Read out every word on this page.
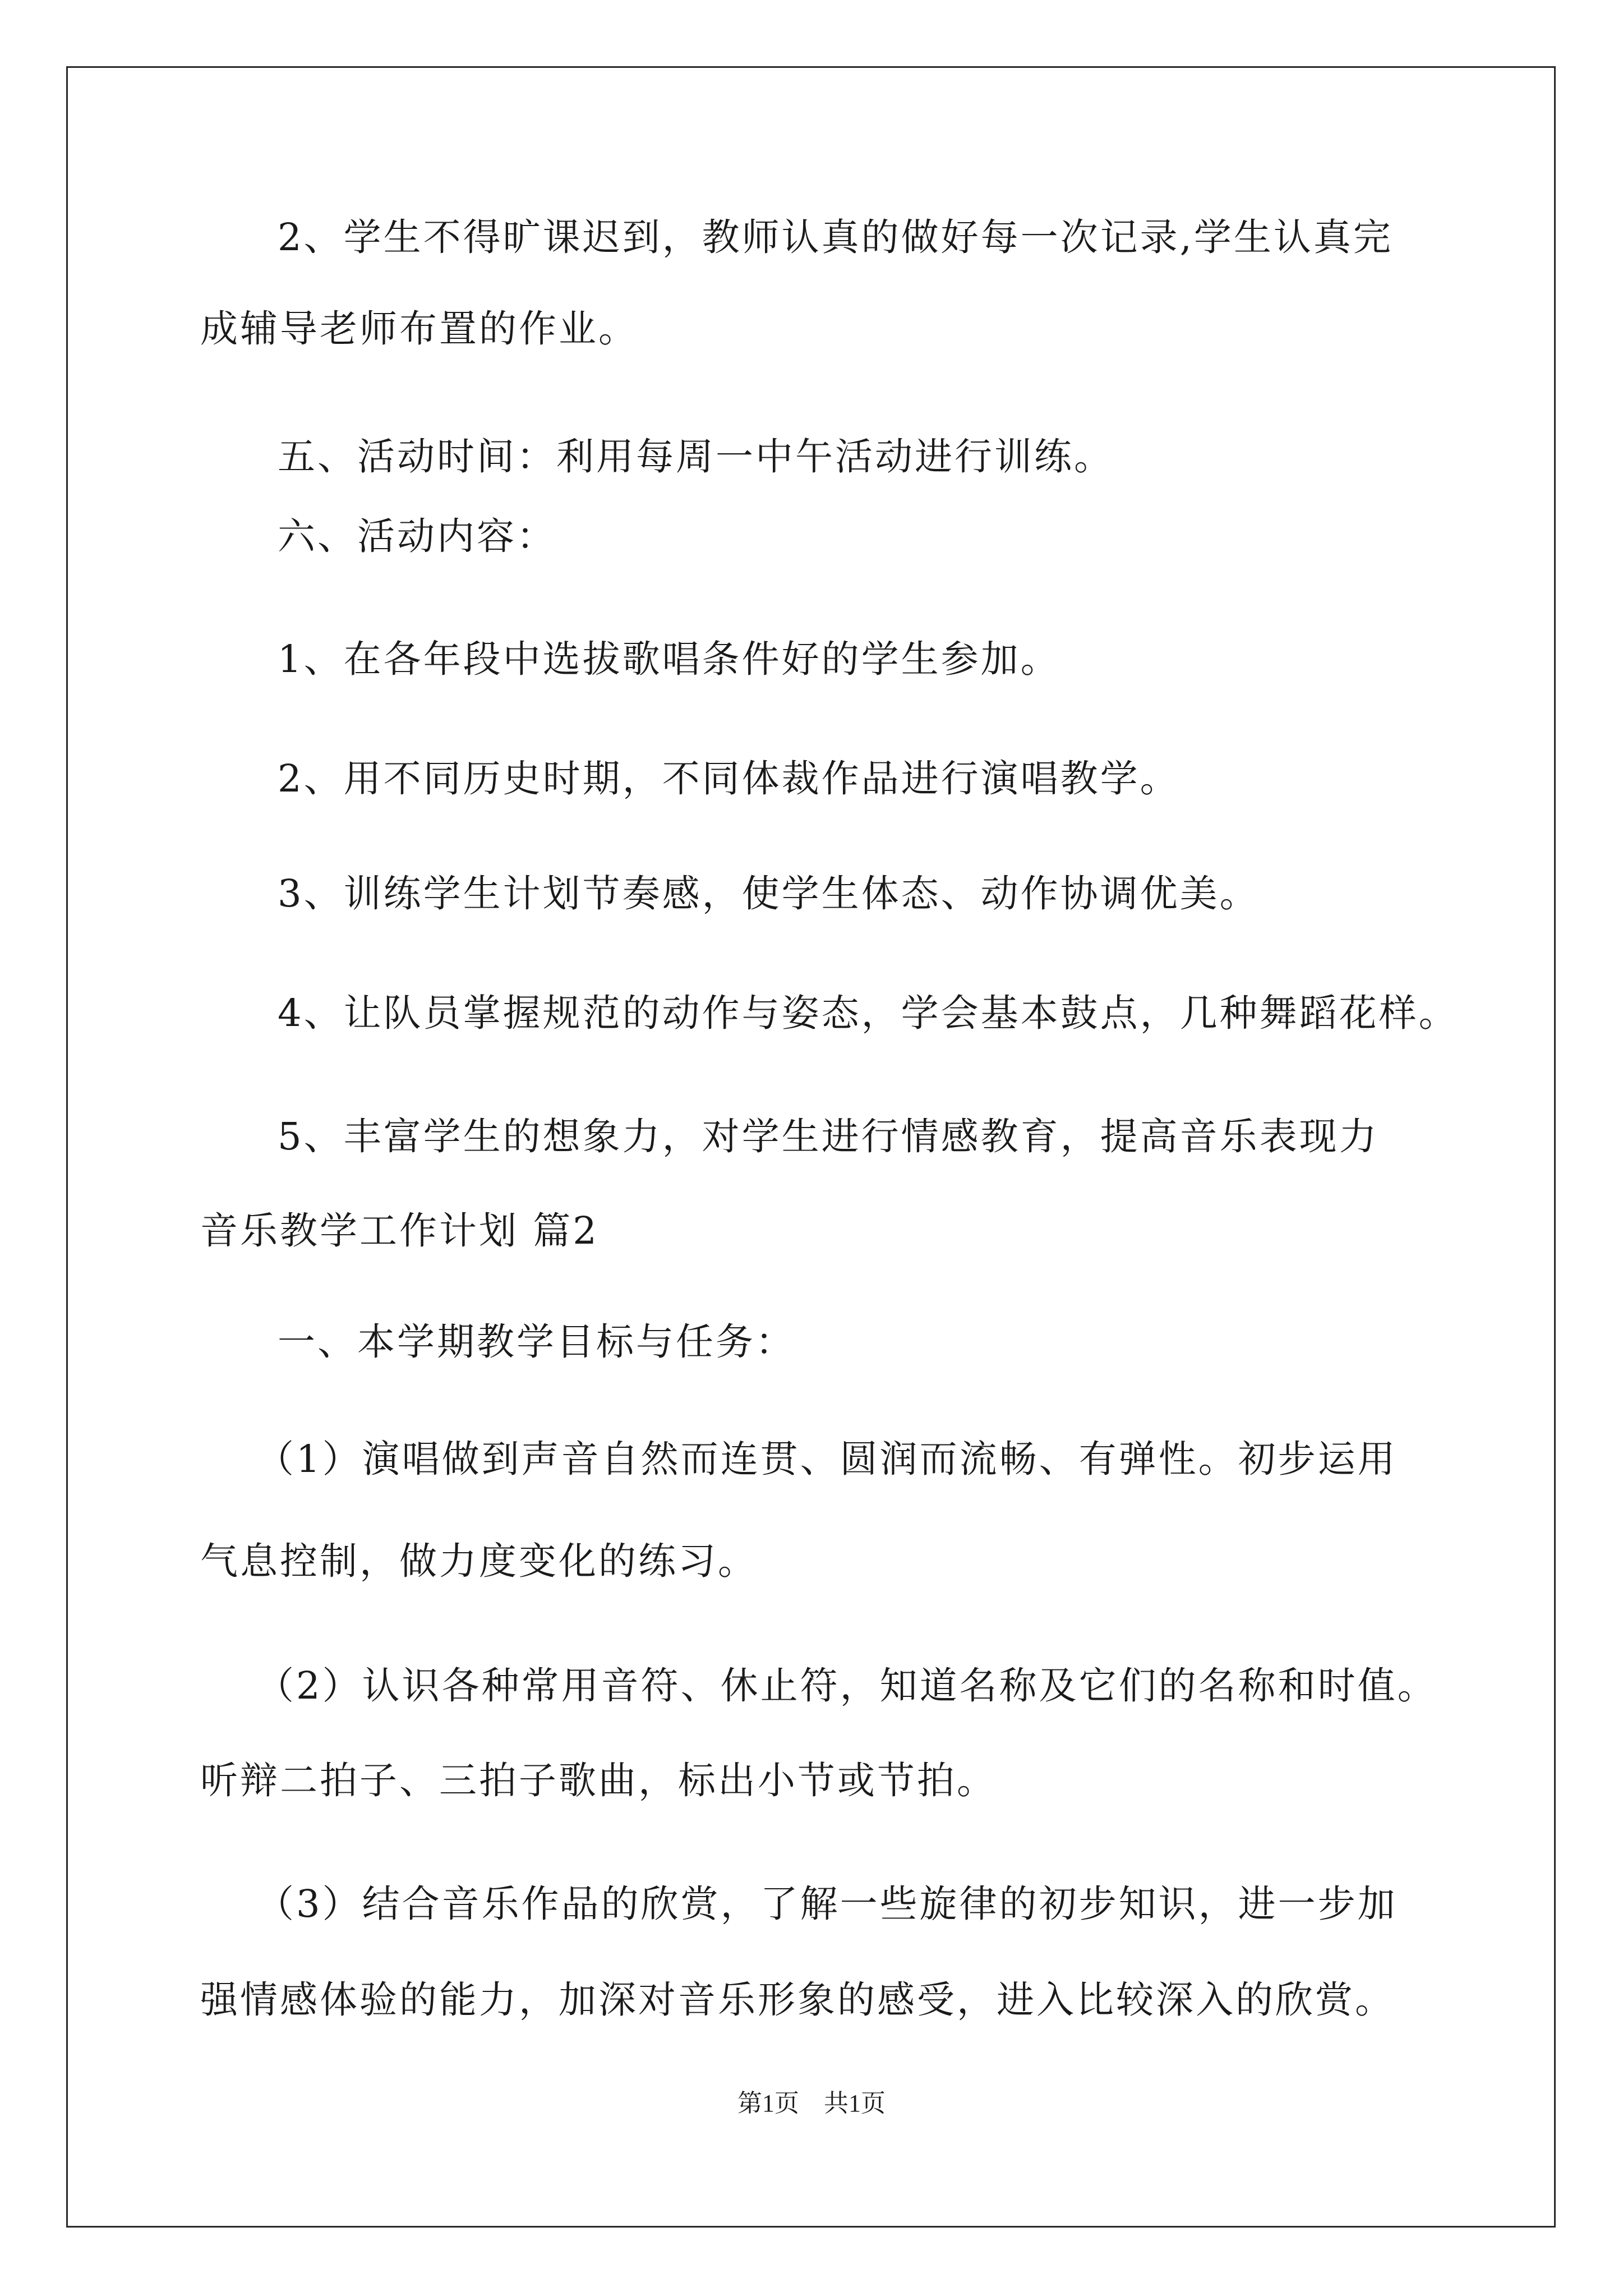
2、学生不得旷课迟到，教师认真的做好每一次记录,学生认真完
成辅导老师布置的作业。
五、活动时间：利用每周一中午活动进行训练。
六、活动内容：
1、在各年段中选拔歌唱条件好的学生参加。
2、用不同历史时期，不同体裁作品进行演唱教学。
3、训练学生计划节奏感，使学生体态、动作协调优美。
4、让队员掌握规范的动作与姿态，学会基本鼓点，几种舞蹈花样。
5、丰富学生的想象力，对学生进行情感教育，提高音乐表现力
音乐教学工作计划 篇2
一、本学期教学目标与任务：
（1）演唱做到声音自然而连贯、圆润而流畅、有弹性。初步运用
气息控制，做力度变化的练习。
（2）认识各种常用音符、休止符，知道名称及它们的名称和时值。
听辩二拍子、三拍子歌曲，标出小节或节拍。
（3）结合音乐作品的欣赏，了解一些旋律的初步知识，进一步加
强情感体验的能力，加深对音乐形象的感受，进入比较深入的欣赏。
第1页　共1页
